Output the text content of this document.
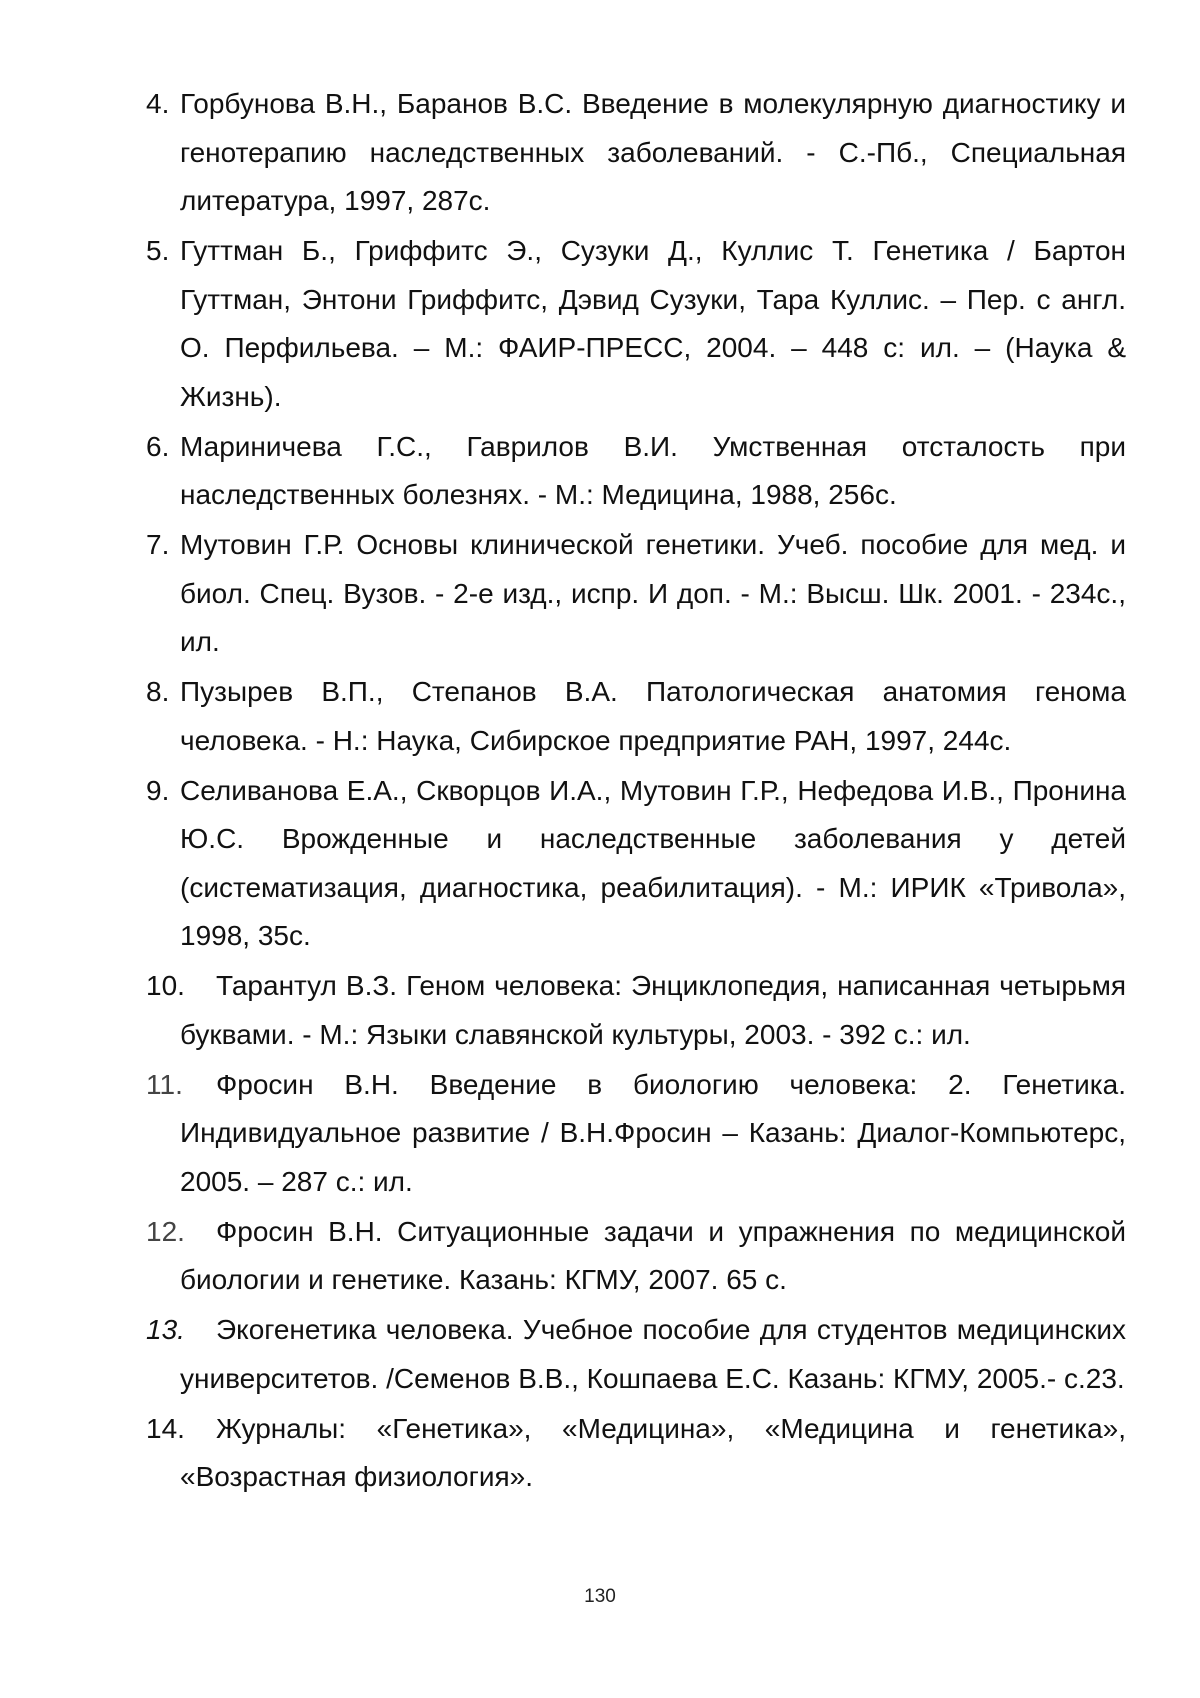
4. Горбунова В.Н., Баранов В.С. Введение в молекулярную диагностику и генотерапию наследственных заболеваний. - С.-Пб., Специальная литература, 1997, 287с.
5. Гуттман Б., Гриффитс Э., Сузуки Д., Куллис Т. Генетика / Бартон Гуттман, Энтони Гриффитс, Дэвид Сузуки, Тара Куллис. – Пер. с англ. О. Перфильева. – М.: ФАИР-ПРЕСС, 2004. – 448 с: ил. – (Наука & Жизнь).
6. Мариничева Г.С., Гаврилов В.И. Умственная отсталость при наследственных болезнях. - М.: Медицина, 1988, 256с.
7. Мутовин Г.Р. Основы клинической генетики. Учеб. пособие для мед. и биол. Спец. Вузов. - 2-е изд., испр. И доп. - М.: Высш. Шк. 2001. - 234с., ил.
8. Пузырев В.П., Степанов В.А. Патологическая анатомия генома человека. - Н.: Наука, Сибирское предприятие РАН, 1997, 244с.
9. Селиванова Е.А., Скворцов И.А., Мутовин Г.Р., Нефедова И.В., Пронина Ю.С. Врожденные и наследственные заболевания у детей (систематизация, диагностика, реабилитация). - М.: ИРИК «Тривола», 1998, 35с.
10.	Тарантул В.З. Геном человека: Энциклопедия, написанная четырьмя буквами. - М.: Языки славянской культуры, 2003. - 392 с.: ил.
11.	Фросин В.Н. Введение в биологию человека: 2. Генетика. Индивидуальное развитие / В.Н.Фросин – Казань: Диалог-Компьютерс, 2005. – 287 с.: ил.
12.	Фросин В.Н. Ситуационные задачи и упражнения по медицинской биологии и генетике. Казань: КГМУ, 2007. 65 с.
13.	Экогенетика человека. Учебное пособие для студентов медицинских университетов. /Семенов В.В., Кошпаева Е.С. Казань: КГМУ, 2005.- с.23.
14.	Журналы: «Генетика», «Медицина», «Медицина и генетика», «Возрастная физиология».
130
